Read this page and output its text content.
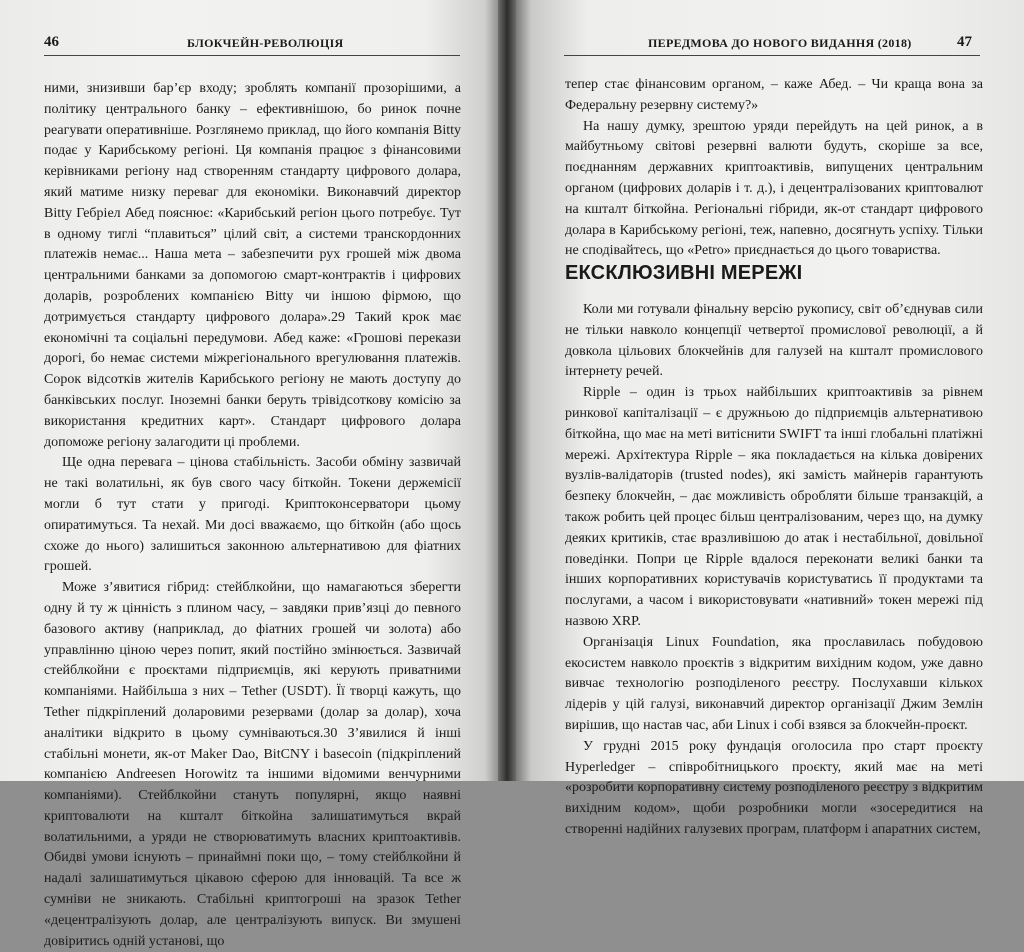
46	БЛОКЧЕЙН-РЕВОЛЮЦІЯ

ними, знизивши бар’єр входу; зроблять компанії прозорішими, а політику центрального банку – ефективнішою, бо ринок почне реагувати оперативніше. Розглянемо приклад, що його компанія Bitty подає у Карибському регіоні. Ця компанія працює з фінансовими керівниками регіону над створенням стандарту цифрового долара, який матиме низку переваг для економіки. Виконавчий директор Bitty Гебріел Абед пояснює: «Карибський регіон цього потребує. Тут в одному тиглі “плавиться” цілий світ, а системи транскордонних платежів немає... Наша мета – забезпечити рух грошей між двома центральними банками за допомогою смарт-контрактів і цифрових доларів, розроблених компанією Bitty чи іншою фірмою, що дотримується стандарту цифрового долара».29 Такий крок має економічні та соціальні передумови. Абед каже: «Грошові перекази дорогі, бо немає системи міжрегіонального врегулювання платежів. Сорок відсотків жителів Карибського регіону не мають доступу до банківських послуг. Іноземні банки беруть трівідсоткову комісію за використання кредитних карт». Стандарт цифрового долара допоможе регіону залагодити ці проблеми.

Ще одна перевага – цінова стабільність. Засоби обміну зазвичай не такі волатильні, як був свого часу біткойн. Токени держемісії могли б тут стати у пригоді. Криптоконсерватори цьому опиратимуться. Та нехай. Ми досі вважаємо, що біткойн (або щось схоже до нього) залишиться законною альтернативою для фіатних грошей.

Може з’явитися гібрид: стейблкойни, що намагаються зберегти одну й ту ж цінність з плином часу, – завдяки прив’язці до певного базового активу (наприклад, до фіатних грошей чи золота) або управлінню ціною через попит, який постійно змінюється. Зазвичай стейблкойни є проєктами підприємців, які керують приватними компаніями. Найбільша з них – Tether (USDT). Її творці кажуть, що Tether підкріплений доларовими резервами (долар за долар), хоча аналітики відкрито в цьому сумніваються.30 З’явилися й інші стабільні монети, як-от Maker Dao, BitCNY і basecoin (підкріплений компанією Andreesen Horowitz та іншими відомими венчурними компаніями). Стейблкойни стануть популярні, якщо наявні криптовалюти на кшталт біткойна залишатимуться вкрай волатильними, а уряди не створюватимуть власних криптоактивів. Обидві умови існують – принаймні поки що, – тому стейблкойни й надалі залишатимуться цікавою сферою для інновацій. Та все ж сумніви не зникають. Стабільні криптогроші на зразок Tether «децентралізують долар, але централізують випуск. Ви змушені довіритись одній установі, що

ПЕРЕДМОВА ДО НОВОГО ВИДАННЯ (2018)	47

тепер стає фінансовим органом, – каже Абед. – Чи краща вона за Федеральну резервну систему?»

На нашу думку, зрештою уряди перейдуть на цей ринок, а в майбутньому світові резервні валюти будуть, скоріше за все, поєднанням державних криптоактивів, випущених центральним органом (цифрових доларів і т. д.), і децентралізованих криптовалют на кшталт біткойна. Регіональні гібриди, як-от стандарт цифрового долара в Карибському регіоні, теж, напевно, досягнуть успіху. Тільки не сподівайтесь, що «Petro» приєднається до цього товариства.

Коли ми готували фінальну версію рукопису, світ об’єднував сили не тільки навколо концепції четвертої промислової революції, а й довкола цільових блокчейнів для галузей на кшталт промислового інтернету речей.

Ripple – один із трьох найбільших криптоактивів за рівнем ринкової капіталізації – є дружньою до підприємців альтернативою біткойна, що має на меті витіснити SWIFT та інші глобальні платіжні мережі. Архітектура Ripple – яка покладається на кілька довірених вузлів-валідаторів (trusted nodes), які замість майнерів гарантують безпеку блокчейн, – дає можливість обробляти більше транзакцій, а також робить цей процес більш централізованим, через що, на думку деяких критиків, стає вразливішою до атак і нестабільної, довільної поведінки. Попри це Ripple вдалося переконати великі банки та інших корпоративних користувачів користуватись її продуктами та послугами, а часом і використовувати «нативний» токен мережі під назвою XRP.

Організація Linux Foundation, яка прославилась побудовою екосистем навколо проєктів з відкритим вихідним кодом, уже давно вивчає технологію розподіленого реєстру. Послухавши кількох лідерів у цій галузі, виконавчий директор організації Джим Землін вирішив, що настав час, аби Linux і собі взявся за блокчейн-проєкт.

У грудні 2015 року фундація оголосила про старт проєкту Hyperledger – співробітницького проєкту, який має на меті «розробити корпоративну систему розподіленого реєстру з відкритим вихідним кодом», щоби розробники могли «зосередитися на створенні надійних галузевих програм, платформ і апаратних систем,

ЕКСКЛЮЗИВНІ МЕРЕЖІ
